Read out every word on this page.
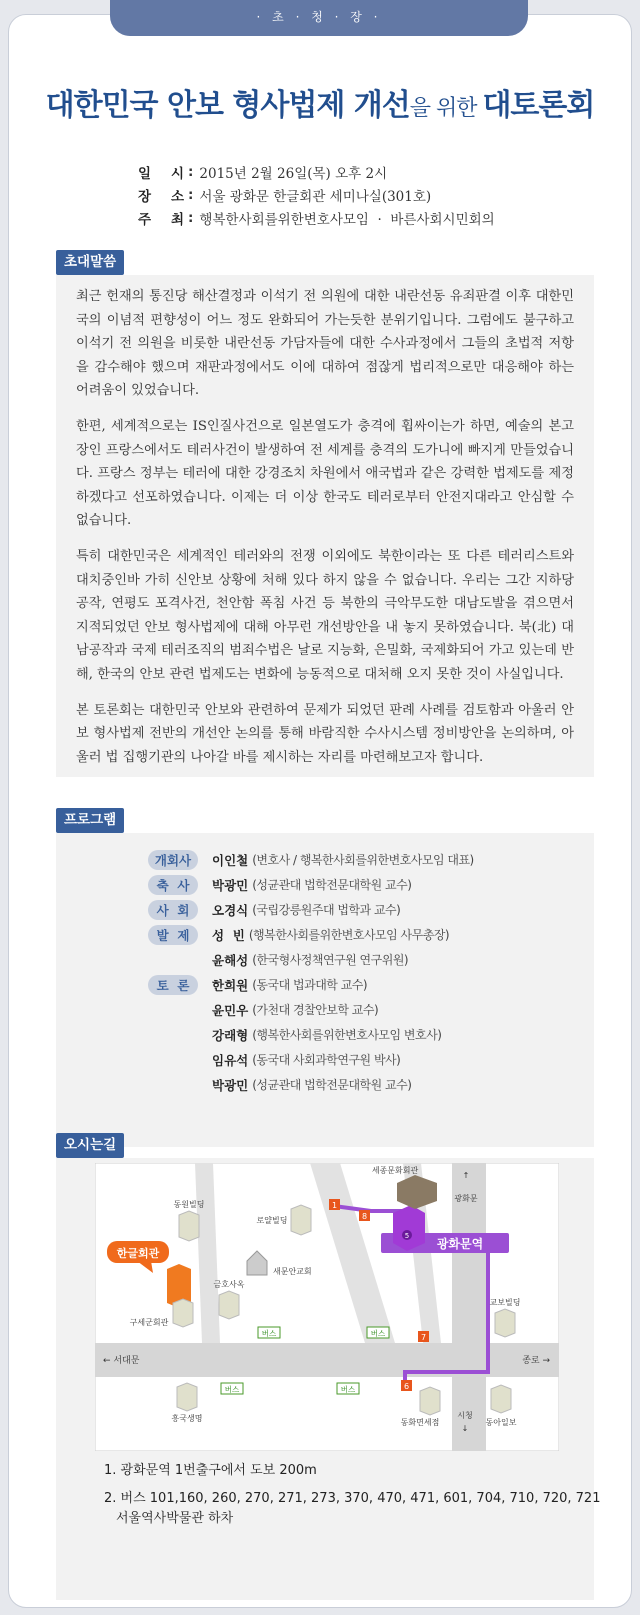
· 초 · 청 · 장 ·
대한민국 안보 형사법제 개선을 위한 대토론회
일 시 : 2015년 2월 26일(목) 오후 2시
장 소 : 서울 광화문 한글회관 세미나실(301호)
주 최 : 행복한사회를위한변호사모임  ·  바른사회시민회의
초대말씀

최근 헌재의 통진당 해산결정과 이석기 전 의원에 대한 내란선동 유죄판결 이후 대한민국의 이념적 편향성이 어느 정도 완화되어 가는듯한 분위기입니다. 그럼에도 불구하고 이석기 전 의원을 비롯한 내란선동 가담자들에 대한 수사과정에서 그들의 초법적 저항을 감수해야 했으며 재판과정에서도 이에 대하여 점잖게 법리적으로만 대응해야 하는 어려움이 있었습니다.

한편, 세계적으로는 IS인질사건으로 일본열도가 충격에 휩싸이는가 하면, 예술의 본고장인 프랑스에서도 테러사건이 발생하여 전 세계를 충격의 도가니에 빠지게 만들었습니다. 프랑스 정부는 테러에 대한 강경조치 차원에서 애국법과 같은 강력한 법제도를 제정하겠다고 선포하였습니다. 이제는 더 이상 한국도 테러로부터 안전지대라고 안심할 수 없습니다.

특히 대한민국은 세계적인 테러와의 전쟁 이외에도 북한이라는 또 다른 테러리스트와 대치중인바 가히 신안보 상황에 처해 있다 하지 않을 수 없습니다. 우리는 그간 지하당 공작, 연평도 포격사건, 천안함 폭침 사건 등 북한의 극악무도한 대남도발을 겪으면서 지적되었던 안보 형사법제에 대해 아무런 개선방안을 내 놓지 못하였습니다. 북(北) 대남공작과 국제 테러조직의 범죄수법은 날로 지능화, 은밀화, 국제화되어 가고 있는데 반해, 한국의 안보 관련 법제도는 변화에 능동적으로 대처해 오지 못한 것이 사실입니다.

본 토론회는 대한민국 안보와 관련하여 문제가 되었던 판례 사례를 검토함과 아울러 안보 형사법제 전반의 개선안 논의를 통해 바람직한 수사시스템 정비방안을 논의하며, 아울러 법 집행기관의 나아갈 바를 제시하는 자리를 마련해보고자 합니다.

프로그램
개회사	이인철 (변호사 / 행복한사회를위한변호사모임 대표)
축  사	박광민 (성균관대 법학전문대학원 교수)
사  회	오경식 (국립강릉원주대 법학과 교수)
발  제	성  빈 (행복한사회를위한변호사모임 사무총장)
윤해성 (한국형사정책연구원 연구위원)
토  론	한희원 (동국대 법과대학 교수)
윤민우 (가천대 경찰안보학 교수)
강래형 (행복한사회를위한변호사모임 변호사)
임유석 (동국대 사회과학연구원 박사)
박광민 (성균관대 법학전문대학원 교수)
오시는길
광화문역
5
세종문화회관
1
8
7
6
↑
광화문
시청
↓
← 서대문	종로 →
동원빌딩
로얄빌딩
한글회관
새문안교회
금호사옥
구세군회관
교보빌딩
흥국생명	동화면세점	동아일보
버스	버스
버스	버스
1. 광화문역 1번출구에서 도보 200m
2. 버스 101,160, 260, 270, 271, 273, 370, 470, 471, 601, 704, 710, 720, 721
서울역사박물관 하차
